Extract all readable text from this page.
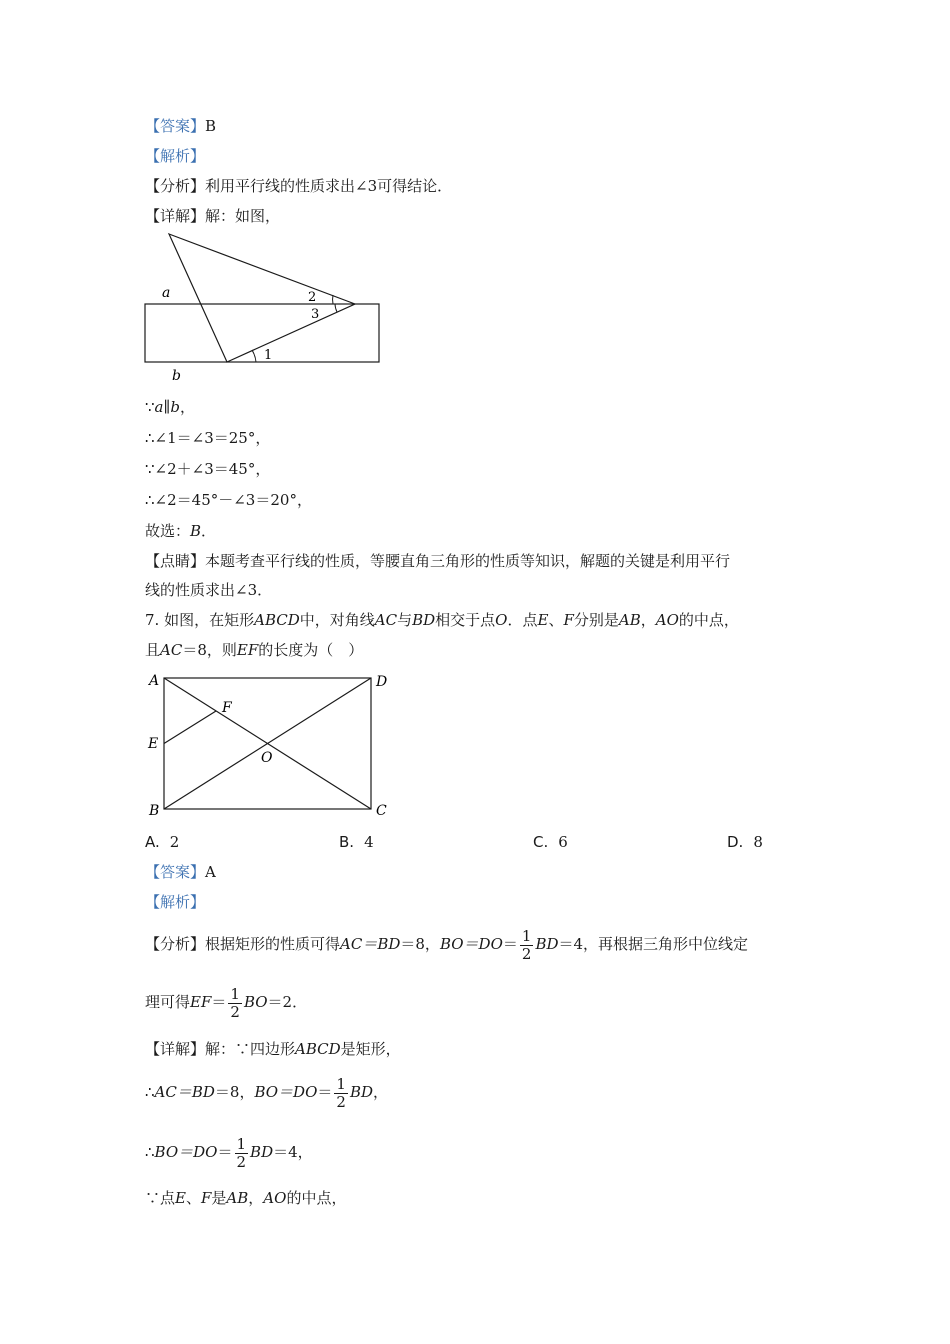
【答案】B
【解析】
【分析】利用平行线的性质求出∠3可得结论．
【详解】解：如图，
a
b
1
2
3
∵a∥b，
∴∠1＝∠3＝25°，
∵∠2＋∠3＝45°，
∴∠2＝45°－∠3＝20°，
故选：B．
【点睛】本题考查平行线的性质，等腰直角三角形的性质等知识，解题的关键是利用平行
线的性质求出∠3．
7. 如图，在矩形ABCD中，对角线AC与BD相交于点O．点E、F分别是AB，AO的中点，
且AC＝8，则EF的长度为（　）
A	D
E
F
O
B	C
A. 2	B. 4	C. 6	D. 8
【答案】A
【解析】
【分析】根据矩形的性质可得AC＝BD＝8，$BO=DO= \frac{1}{2} BD=4$，再根据三角形中位线定
理可得$EF= \frac{1}{2} BO=2$．
【详解】解：∵四边形ABCD是矩形，
∴AC＝BD＝8，$BO=DO= \frac{1}{2}$ BD，
∴BO＝DO＝ $\frac{1}{2} BD=4$，
∵点E、F是AB，AO的中点，
